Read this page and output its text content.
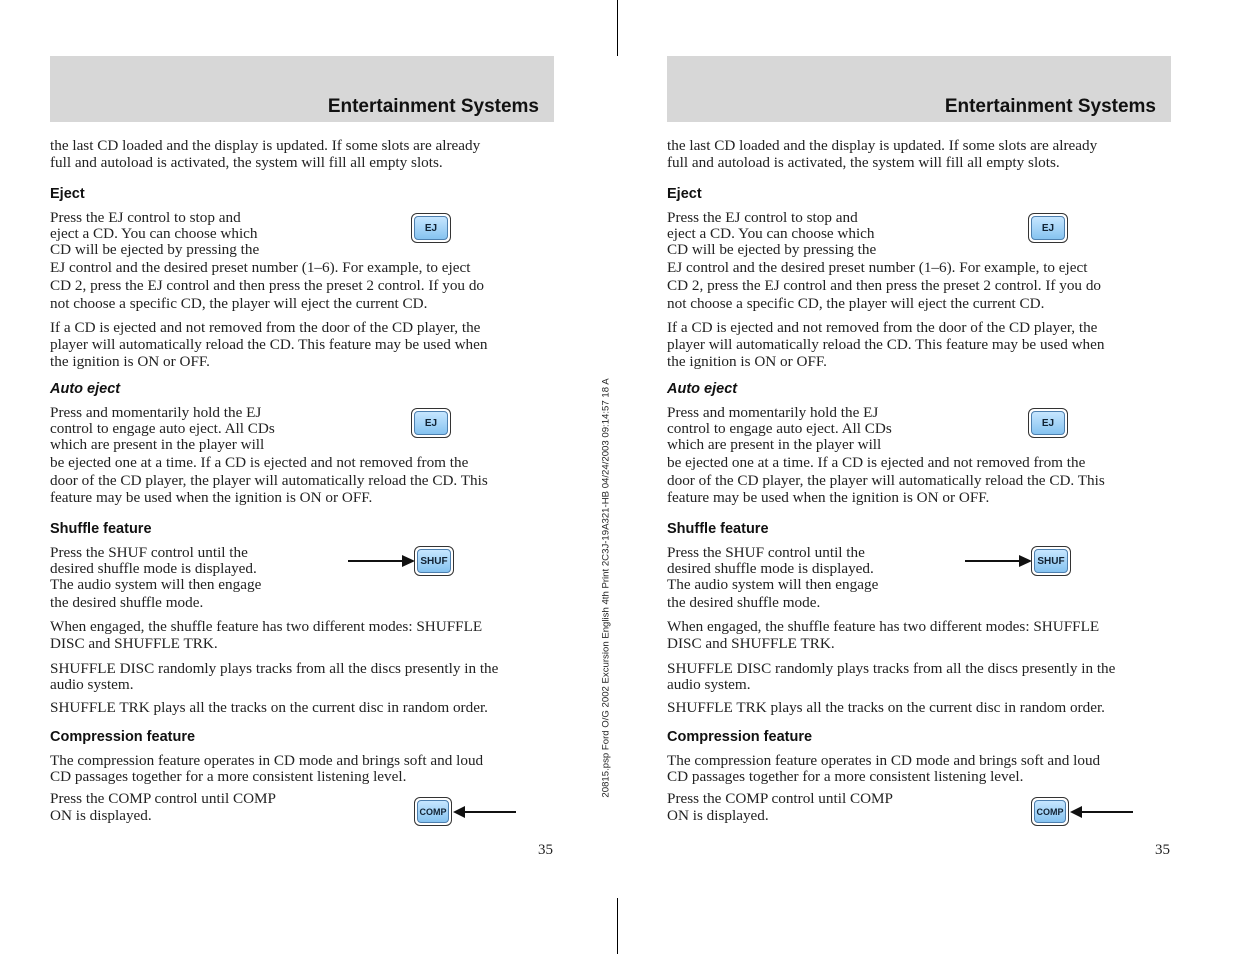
20815.psp Ford O/G 2002 Excursion English 4th Print 2C3J-19A321-HB 04/24/2003 09:14:57 18 A
Entertainment Systems

the last CD loaded and the display is updated. If some slots are already

full and autoload is activated, the system will fill all empty slots.

Eject

Press the EJ control to stop and

eject a CD. You can choose which

CD will be ejected by pressing the

EJ

EJ control and the desired preset number (1–6). For example, to eject

CD 2, press the EJ control and then press the preset 2 control. If you do

not choose a specific CD, the player will eject the current CD.

If a CD is ejected and not removed from the door of the CD player, the

player will automatically reload the CD. This feature may be used when

the ignition is ON or OFF.

Auto eject

Press and momentarily hold the EJ

control to engage auto eject. All CDs

which are present in the player will

EJ

be ejected one at a time. If a CD is ejected and not removed from the

door of the CD player, the player will automatically reload the CD. This

feature may be used when the ignition is ON or OFF.

Shuffle feature

Press the SHUF control until the

desired shuffle mode is displayed.

The audio system will then engage

the desired shuffle mode.

SHUF

When engaged, the shuffle feature has two different modes: SHUFFLE

DISC and SHUFFLE TRK.

SHUFFLE DISC randomly plays tracks from all the discs presently in the

audio system.

SHUFFLE TRK plays all the tracks on the current disc in random order.

Compression feature

The compression feature operates in CD mode and brings soft and loud

CD passages together for a more consistent listening level.

Press the COMP control until COMP

ON is displayed.	COMP
35
Entertainment Systems

the last CD loaded and the display is updated. If some slots are already

full and autoload is activated, the system will fill all empty slots.

Eject

Press the EJ control to stop and

eject a CD. You can choose which

CD will be ejected by pressing the

EJ

EJ control and the desired preset number (1–6). For example, to eject

CD 2, press the EJ control and then press the preset 2 control. If you do

not choose a specific CD, the player will eject the current CD.

If a CD is ejected and not removed from the door of the CD player, the

player will automatically reload the CD. This feature may be used when

the ignition is ON or OFF.

Auto eject

Press and momentarily hold the EJ

control to engage auto eject. All CDs

which are present in the player will

EJ

be ejected one at a time. If a CD is ejected and not removed from the

door of the CD player, the player will automatically reload the CD. This

feature may be used when the ignition is ON or OFF.

Shuffle feature

Press the SHUF control until the

desired shuffle mode is displayed.

The audio system will then engage

the desired shuffle mode.

SHUF

When engaged, the shuffle feature has two different modes: SHUFFLE

DISC and SHUFFLE TRK.

SHUFFLE DISC randomly plays tracks from all the discs presently in the

audio system.

SHUFFLE TRK plays all the tracks on the current disc in random order.

Compression feature

The compression feature operates in CD mode and brings soft and loud

CD passages together for a more consistent listening level.

Press the COMP control until COMP

ON is displayed.	COMP
35
